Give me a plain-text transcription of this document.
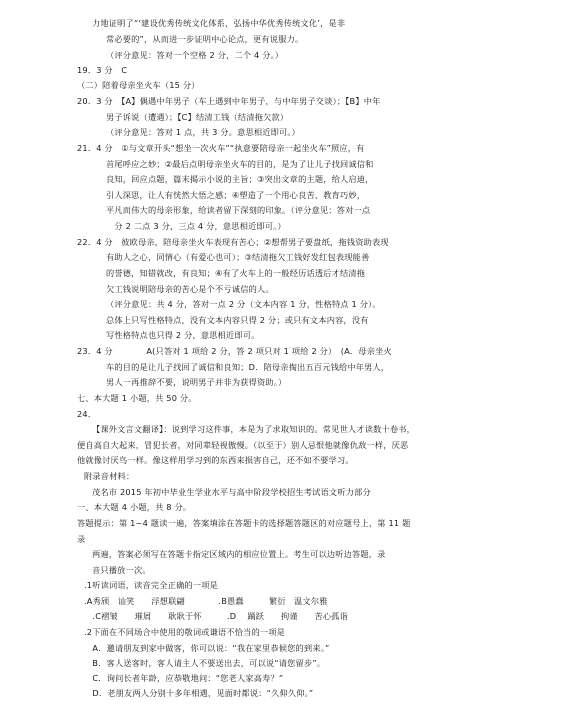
力地证明了“‘建设优秀传统文化体系，弘扬中华优秀传统文化’，是非
常必要的”，从而进一步证明中心论点，更有说服力。
（评分意见：答对一个空格 2 分，二个 4 分。）
19．3 分　C
（二）陪着母亲坐火车（15 分）
20．3 分　【A】偶遇中年男子（车上遇到中年男子，与中年男子交谈）；【B】中年
男子诉说（遭遇）；【C】结清工钱（结清拖欠款）
（评分意见：答对 1 点，共 3 分。意思相近即可。）
21．4 分　①与文章开头“想坐一次火车”“执意要陪母亲一起坐火车”照应，有
首尾呼应之妙；②最后点明母亲坐火车的目的，是为了让儿子找回诚信和
良知，回应点题，篇末揭示小说的主旨；③突出文章的主题，给人启迪，
引人深思，让人有恍然大悟之感；④塑造了一个用心良苦、教育巧妙，
平凡而伟大的母亲形象，给读者留下深刻的印象。（评分意见：答对一点
　分 2 二点 3 分，三点 4 分，意思相近即可。）
22．4 分　彼欧母亲，陪母亲坐火车表现有苦心；②想帮男子要盘纸，拖钱资助表现
有助人之心，同情心（有爱心也可）；③结清拖欠工钱好发红包表现能善
的誉德，知错就改，有良知；④有了火车上的一般经历话透后才结清拖
欠工钱说明陪母亲的苦心是个不亏诚信的人。
（评分意见：共 4 分，答对一点 2 分（文本内容 1 分，性格特点 1 分）。
总体上只写性格特点，没有文本内容只得 2 分；或只有文本内容，没有
写性格特点也只得 2 分，意思相近即可。
23．4 分　　　　A(只答对 1 项给 2 分，答 2 项只对 1 项给 2 分）　(A．母亲坐火
车的目的是让儿子找回了诚信和良知；D．陪母亲掏出五百元钱给中年男人，
男人一再推辞不要，说明男子并非为获得资助。）
七、本大题 1 小题，共 50 分。
24．
【课外文言文翻译】：说到学习这件事，本是为了求取知识的。常见世人才读数十卷书，
便自高自大起来，冒犯长者，对同辈轻视傲慢。（以至于）别人忌恨他就像仇敌一样，厌恶
他就像讨厌鸟一样。像这样用学习到的东西来损害自己，还不如不要学习。
附录音材料：
茂名市 2015 年初中毕业生学业水平与高中阶段学校招生考试语文听力部分
一、本大题 4 小题，共 8 分。
答题提示：第 1~4 题读一遍，答案填涂在答题卡的选择题答题区的对应题号上，第 11 题
录
两遍，答案必须写在答题卡指定区域内的相应位置上。考生可以边听边答题，录
音只播放一次。
.1听读词语，读音完全正确的一项是
.A秀颀　讪笑　　浮想联翩　　　　.B愚蠢　　　繁衍　温文尔雅
　.C褶皱　　璀屑　　耿耿于怀　　　.D 　踊跃　　拘谨　　苦心孤诣
.2下面在不同场合中使用的敬词或谦语不恰当的一项是
　A．邀请朋友到家中做客，你可以说：“我在家里恭候您的到来。”
　B．客人送客时，客人请主人不要送出去，可以说“请您留步”。
　C．询问长者年龄，应恭敬地问：“您老人家高寿？”
　D．老朋友两人分别十多年相遇，见面时都说：“久仰久仰。”
